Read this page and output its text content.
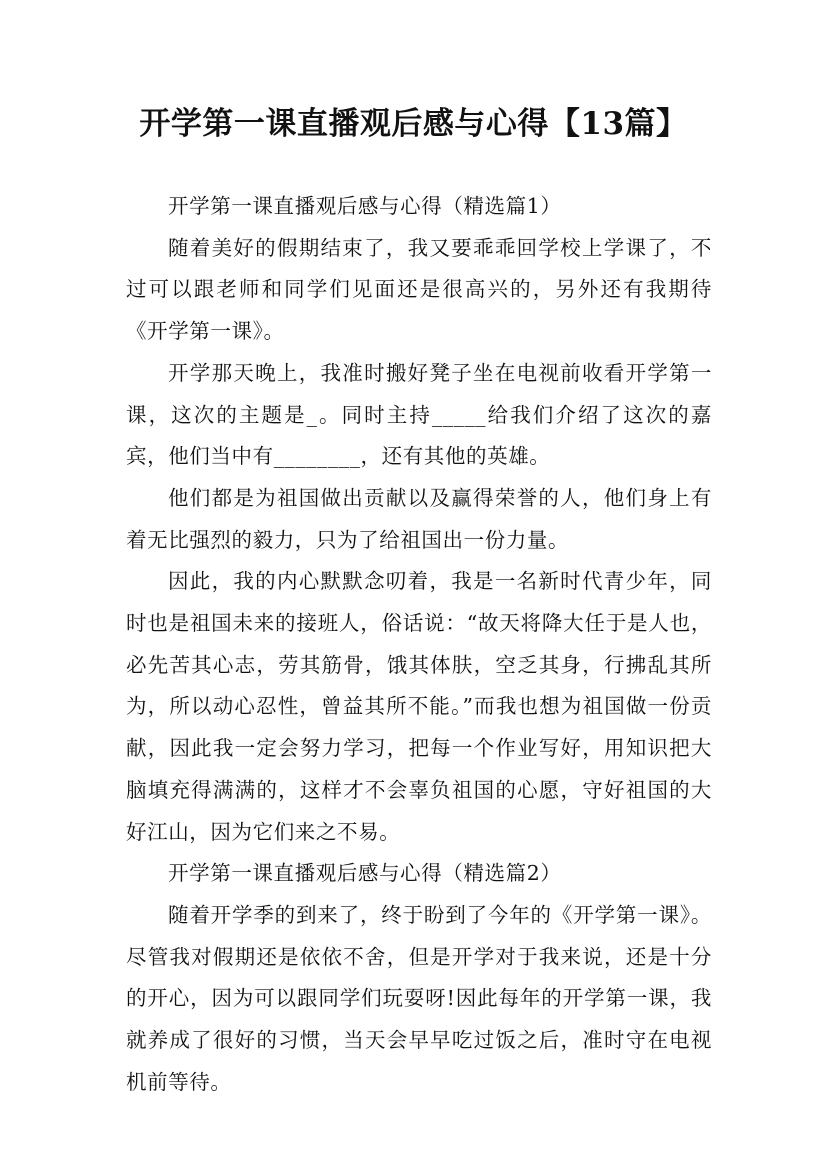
开学第一课直播观后感与心得【13篇】

开学第一课直播观后感与心得（精选篇1）

随着美好的假期结束了，我又要乖乖回学校上学课了，不过可以跟老师和同学们见面还是很高兴的，另外还有我期待《开学第一课》。

开学那天晚上，我准时搬好凳子坐在电视前收看开学第一课，这次的主题是_。同时主持_____给我们介绍了这次的嘉宾，他们当中有________，还有其他的英雄。

他们都是为祖国做出贡献以及赢得荣誉的人，他们身上有着无比强烈的毅力，只为了给祖国出一份力量。

因此，我的内心默默念叨着，我是一名新时代青少年，同时也是祖国未来的接班人，俗话说：“故天将降大任于是人也，必先苦其心志，劳其筋骨，饿其体肤，空乏其身，行拂乱其所为，所以动心忍性，曾益其所不能。”而我也想为祖国做一份贡献，因此我一定会努力学习，把每一个作业写好，用知识把大脑填充得满满的，这样才不会辜负祖国的心愿，守好祖国的大好江山，因为它们来之不易。

开学第一课直播观后感与心得（精选篇2）

随着开学季的到来了，终于盼到了今年的《开学第一课》。尽管我对假期还是依依不舍，但是开学对于我来说，还是十分的开心，因为可以跟同学们玩耍呀!因此每年的开学第一课，我就养成了很好的习惯，当天会早早吃过饭之后，准时守在电视机前等待。
